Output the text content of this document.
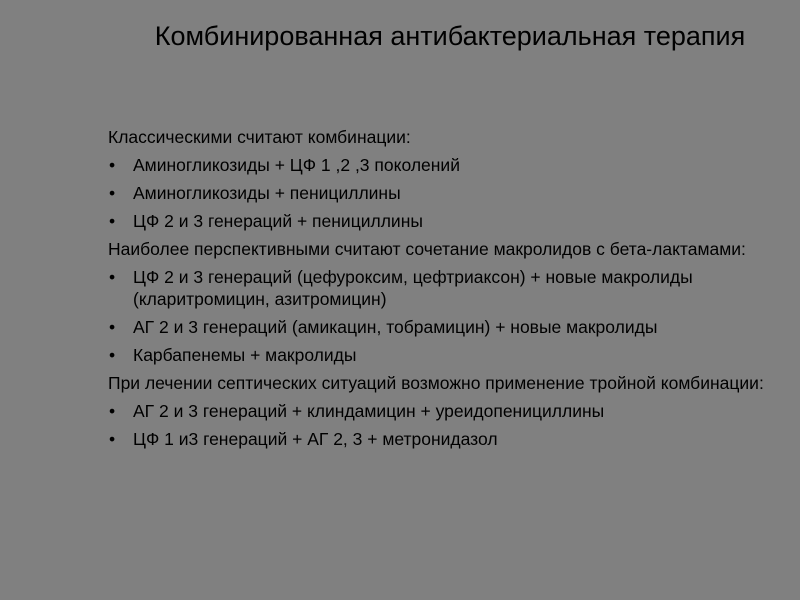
Комбинированная антибактериальная терапия
Классическими считают комбинации:
• Аминогликозиды + ЦФ 1 ,2 ,3 поколений
• Аминогликозиды + пенициллины
• ЦФ 2 и 3 генераций + пенициллины
Наиболее перспективными считают сочетание макролидов с бета-лактамами:
• ЦФ 2 и 3 генераций (цефуроксим, цефтриаксон) + новые макролиды (кларитромицин, азитромицин)
• АГ 2 и 3 генераций (амикацин, тобрамицин) + новые макролиды
• Карбапенемы + макролиды
При лечении септических ситуаций возможно применение тройной комбинации:
• АГ 2 и 3 генераций + клиндамицин + уреидопенициллины
• ЦФ 1 и3 генераций + АГ 2, 3 + метронидазол
